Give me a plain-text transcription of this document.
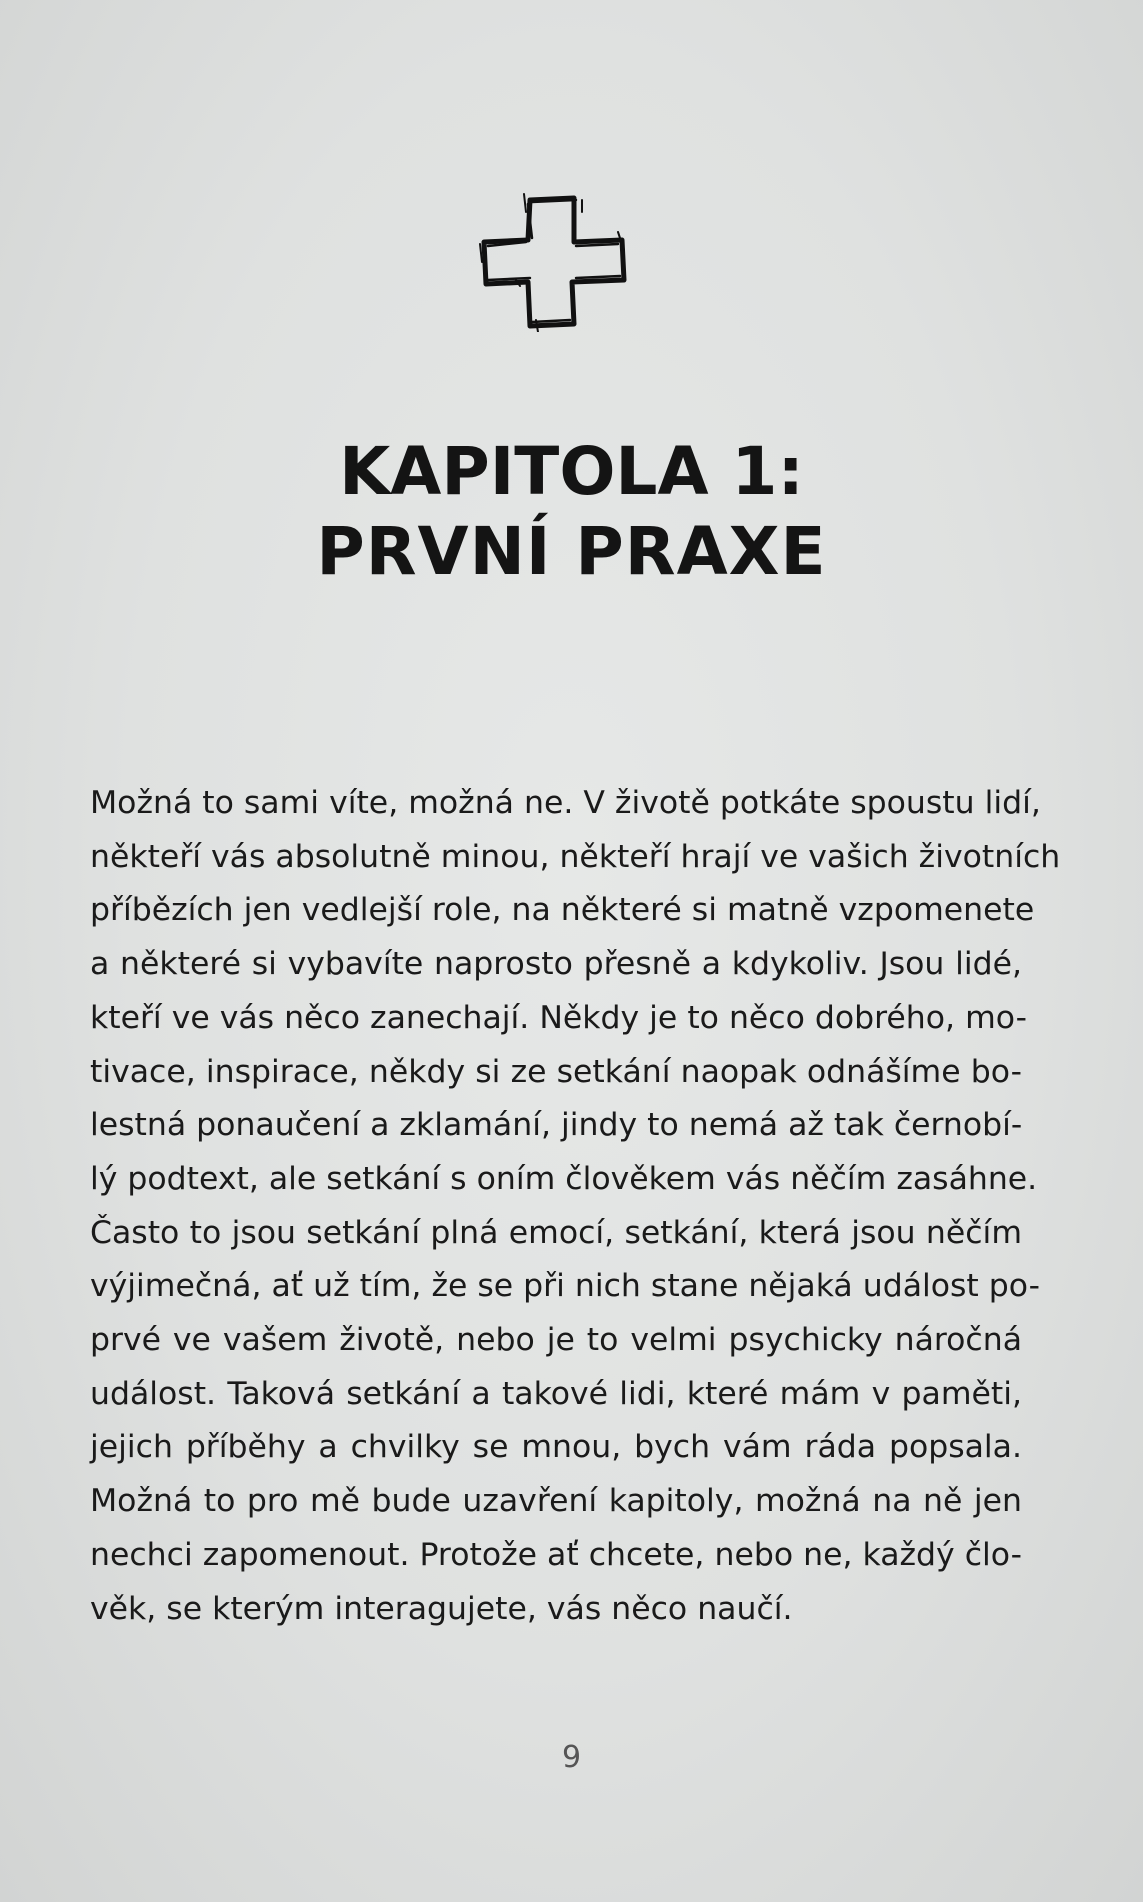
KAPITOLA 1:
PRVNÍ PRAXE
Možná to sami víte, možná ne. V životě potkáte spoustu lidí,
někteří vás absolutně minou, někteří hrají ve vašich životních
příbězích jen vedlejší role, na některé si matně vzpomenete
a některé si vybavíte naprosto přesně a kdykoliv. Jsou lidé,
kteří ve vás něco zanechají. Někdy je to něco dobrého, mo-
tivace, inspirace, někdy si ze setkání naopak odnášíme bo-
lestná ponaučení a zklamání, jindy to nemá až tak černobí-
lý podtext, ale setkání s oním člověkem vás něčím zasáhne.
Často to jsou setkání plná emocí, setkání, která jsou něčím
výjimečná, ať už tím, že se při nich stane nějaká událost po-
prvé ve vašem životě, nebo je to velmi psychicky náročná
událost. Taková setkání a takové lidi, které mám v paměti,
jejich příběhy a chvilky se mnou, bych vám ráda popsala.
Možná to pro mě bude uzavření kapitoly, možná na ně jen
nechci zapomenout. Protože ať chcete, nebo ne, každý člo-
věk, se kterým interagujete, vás něco naučí.
9
